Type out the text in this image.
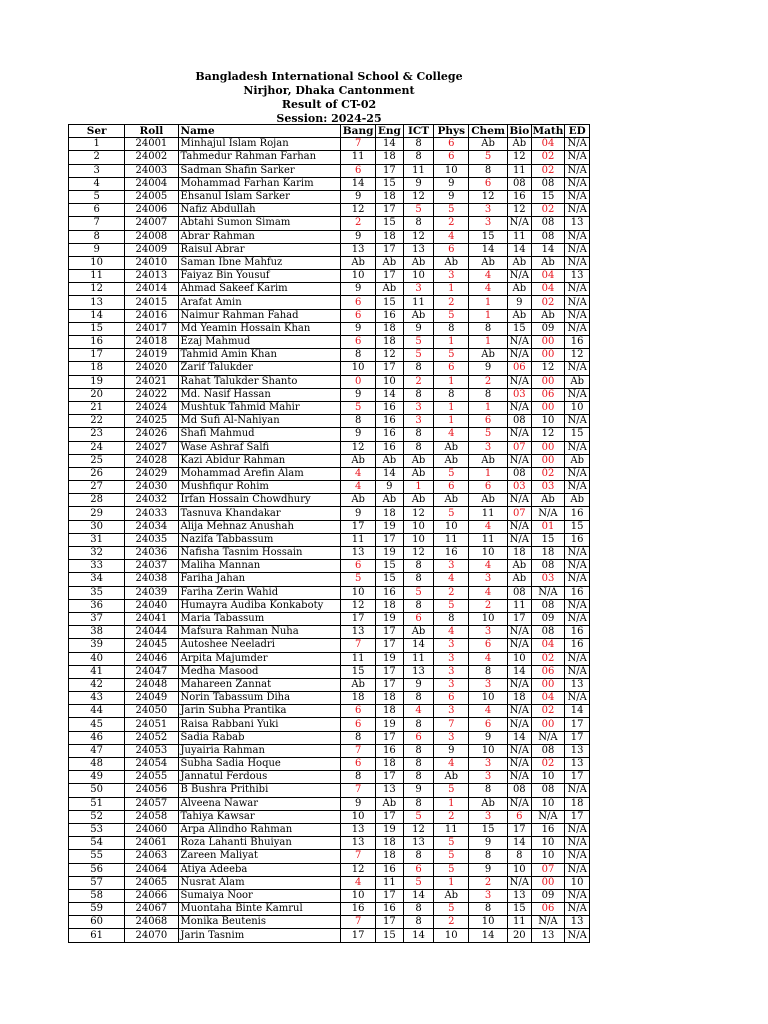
Bangladesh International School & College
Nirjhor, Dhaka Cantonment
Result of CT-02
Session: 2024-25
Ser	Roll	Name	Bang	Eng	ICT	Phys	Chem	Bio	Math	ED
1	24001	Minhajul Islam Rojan	7	14	8	6	Ab	Ab	04	N/A
2	24002	Tahmedur Rahman Farhan	11	18	8	6	5	12	02	N/A
3	24003	Sadman Shafin Sarker	6	17	11	10	8	11	02	N/A
4	24004	Mohammad Farhan Karim	14	15	9	9	6	08	08	N/A
5	24005	Ehsanul Islam Sarker	9	18	12	9	12	16	15	N/A
6	24006	Nafiz Abdullah	12	17	5	5	3	12	02	N/A
7	24007	Abtahi Sumon Simam	2	15	8	2	3	N/A	08	13
8	24008	Abrar Rahman	9	18	12	4	15	11	08	N/A
9	24009	Raisul Abrar	13	17	13	6	14	14	14	N/A
10	24010	Saman Ibne Mahfuz	Ab	Ab	Ab	Ab	Ab	Ab	Ab	N/A
11	24013	Faiyaz Bin Yousuf	10	17	10	3	4	N/A	04	13
12	24014	Ahmad Sakeef Karim	9	Ab	3	1	4	Ab	04	N/A
13	24015	Arafat Amin	6	15	11	2	1	9	02	N/A
14	24016	Naimur Rahman Fahad	6	16	Ab	5	1	Ab	Ab	N/A
15	24017	Md Yeamin Hossain Khan	9	18	9	8	8	15	09	N/A
16	24018	Ezaj Mahmud	6	18	5	1	1	N/A	00	16
17	24019	Tahmid Amin Khan	8	12	5	5	Ab	N/A	00	12
18	24020	Zarif Talukder	10	17	8	6	9	06	12	N/A
19	24021	Rahat Talukder Shanto	0	10	2	1	2	N/A	00	Ab
20	24022	Md. Nasif Hassan	9	14	8	8	8	03	06	N/A
21	24024	Mushtuk Tahmid Mahir	5	16	3	1	1	N/A	00	10
22	24025	Md Sufi Al-Nahiyan	8	16	3	1	6	08	10	N/A
23	24026	Shafi Mahmud	9	16	8	4	5	N/A	12	15
24	24027	Wase Ashraf Salfi	12	16	8	Ab	3	07	00	N/A
25	24028	Kazi Abidur Rahman	Ab	Ab	Ab	Ab	Ab	N/A	00	Ab
26	24029	Mohammad Arefin Alam	4	14	Ab	5	1	08	02	N/A
27	24030	Mushfiqur Rohim	4	9	1	6	6	03	03	N/A
28	24032	Irfan Hossain Chowdhury	Ab	Ab	Ab	Ab	Ab	N/A	Ab	Ab
29	24033	Tasnuva Khandakar	9	18	12	5	11	07	N/A	16
30	24034	Alija Mehnaz Anushah	17	19	10	10	4	N/A	01	15
31	24035	Nazifa Tabbassum	11	17	10	11	11	N/A	15	16
32	24036	Nafisha Tasnim Hossain	13	19	12	16	10	18	18	N/A
33	24037	Maliha Mannan	6	15	8	3	4	Ab	08	N/A
34	24038	Fariha Jahan	5	15	8	4	3	Ab	03	N/A
35	24039	Fariha Zerin Wahid	10	16	5	2	4	08	N/A	16
36	24040	Humayra Audiba Konkaboty	12	18	8	5	2	11	08	N/A
37	24041	Maria Tabassum	17	19	6	8	10	17	09	N/A
38	24044	Mafsura Rahman Nuha	13	17	Ab	4	3	N/A	08	16
39	24045	Autoshee Neeladri	7	17	14	3	6	N/A	04	16
40	24046	Arpita Majumder	11	19	11	3	4	10	02	N/A
41	24047	Medha Masood	15	17	13	3	8	14	06	N/A
42	24048	Mahareen Zannat	Ab	17	9	3	3	N/A	00	13
43	24049	Norin Tabassum Diha	18	18	8	6	10	18	04	N/A
44	24050	Jarin Subha Prantika	6	18	4	3	4	N/A	02	14
45	24051	Raisa Rabbani Yuki	6	19	8	7	6	N/A	00	17
46	24052	Sadia Rabab	8	17	6	3	9	14	N/A	17
47	24053	Juyairia Rahman	7	16	8	9	10	N/A	08	13
48	24054	Subha Sadia Hoque	6	18	8	4	3	N/A	02	13
49	24055	Jannatul Ferdous	8	17	8	Ab	3	N/A	10	17
50	24056	B Bushra Prithibi	7	13	9	5	8	08	08	N/A
51	24057	Alveena Nawar	9	Ab	8	1	Ab	N/A	10	18
52	24058	Tahiya Kawsar	10	17	5	2	3	6	N/A	17
53	24060	Arpa Alindho Rahman	13	19	12	11	15	17	16	N/A
54	24061	Roza Lahanti Bhuiyan	13	18	13	5	9	14	10	N/A
55	24063	Zareen Maliyat	7	18	8	5	8	8	10	N/A
56	24064	Atiya Adeeba	12	16	6	5	9	10	07	N/A
57	24065	Nusrat Alam	4	11	5	1	2	N/A	00	10
58	24066	Sumaiya Noor	10	17	14	Ab	3	13	09	N/A
59	24067	Muontaha Binte Kamrul	16	16	8	5	8	15	06	N/A
60	24068	Monika Beutenis	7	17	8	2	10	11	N/A	13
61	24070	Jarin Tasnim	17	15	14	10	14	20	13	N/A
